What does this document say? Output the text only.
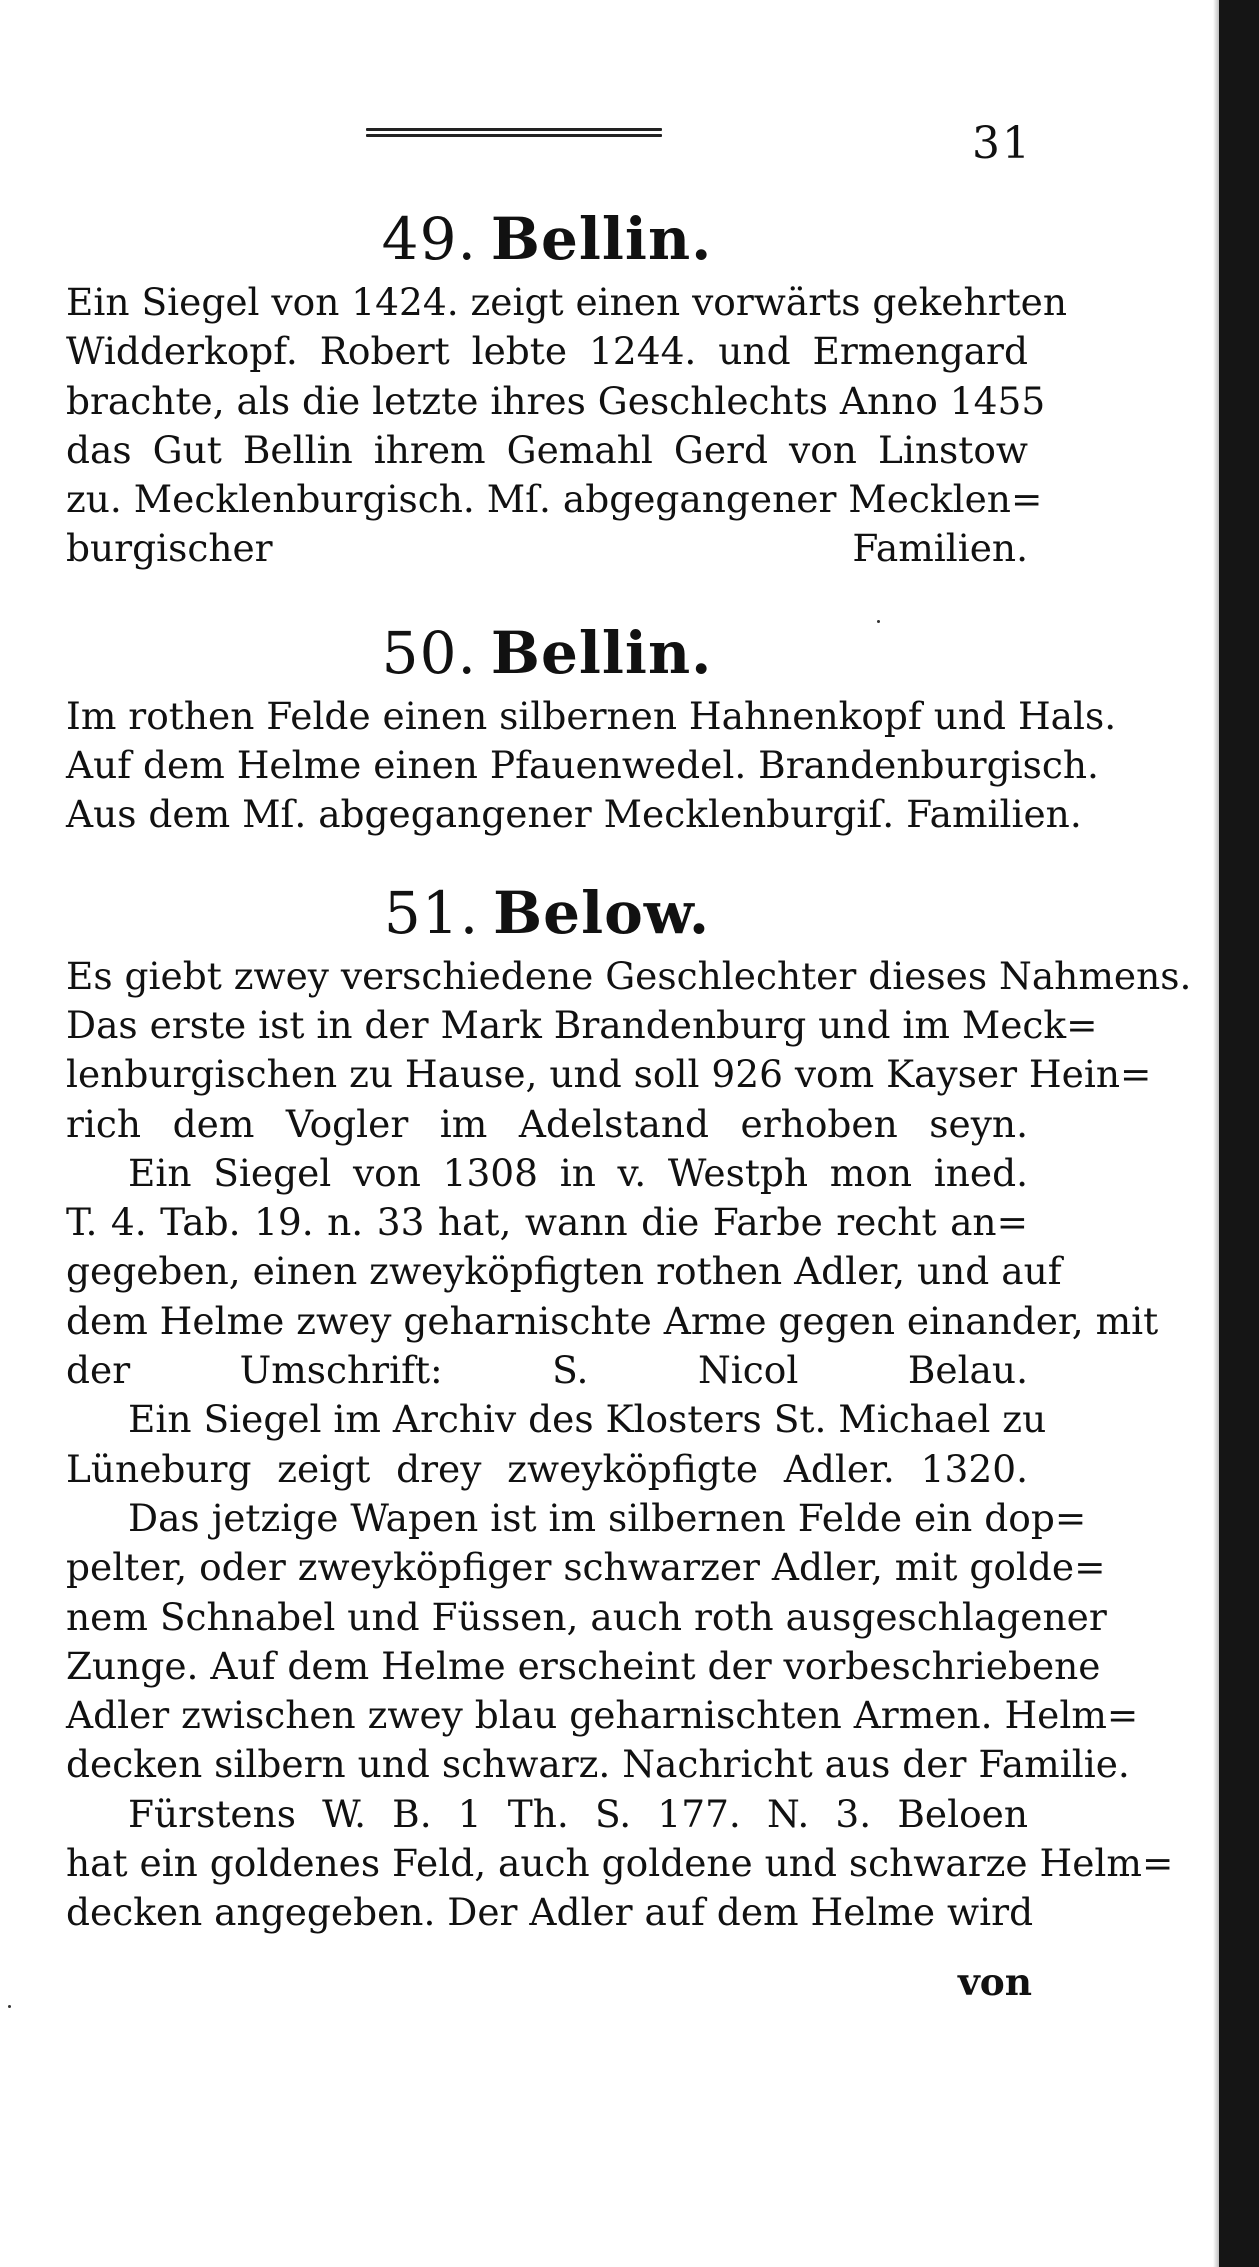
31
49. Bellin.

Ein Siegel von 1424. zeigt einen vorwärts gekehrten
Widderkopf. Robert lebte 1244. und Ermengard
brachte, als die letzte ihres Geschlechts Anno 1455
das Gut Bellin ihrem Gemahl Gerd von Linstow
zu. Mecklenburgisch. Mſ. abgegangener Mecklen=
burgischer Familien.

50. Bellin.

Im rothen Felde einen silbernen Hahnenkopf und Hals.
Auf dem Helme einen Pfauenwedel. Brandenburgisch.
Aus dem Mſ. abgegangener Mecklenburgiſ. Familien.

51. Below.

Es giebt zwey verschiedene Geschlechter dieses Nahmens.
Das erste ist in der Mark Brandenburg und im Meck=
lenburgischen zu Hause, und soll 926 vom Kayser Hein=
rich dem Vogler im Adelstand erhoben seyn.

Ein Siegel von 1308 in v. Westph mon ined.
T. 4. Tab. 19. n. 33 hat, wann die Farbe recht an=
gegeben, einen zweyköpfigten rothen Adler, und auf
dem Helme zwey geharnischte Arme gegen einander, mit
der Umschrift: S. Nicol Belau.

Ein Siegel im Archiv des Klosters St. Michael zu
Lüneburg zeigt drey zweyköpfigte Adler. 1320.

Das jetzige Wapen ist im silbernen Felde ein dop=
pelter, oder zweyköpfiger schwarzer Adler, mit golde=
nem Schnabel und Füssen, auch roth ausgeschlagener
Zunge. Auf dem Helme erscheint der vorbeschriebene
Adler zwischen zwey blau geharnischten Armen. Helm=
decken silbern und schwarz. Nachricht aus der Familie.

Fürstens W. B. 1 Th. S. 177. N. 3. Beloen
hat ein goldenes Feld, auch goldene und schwarze Helm=
decken angegeben. Der Adler auf dem Helme wird

von
